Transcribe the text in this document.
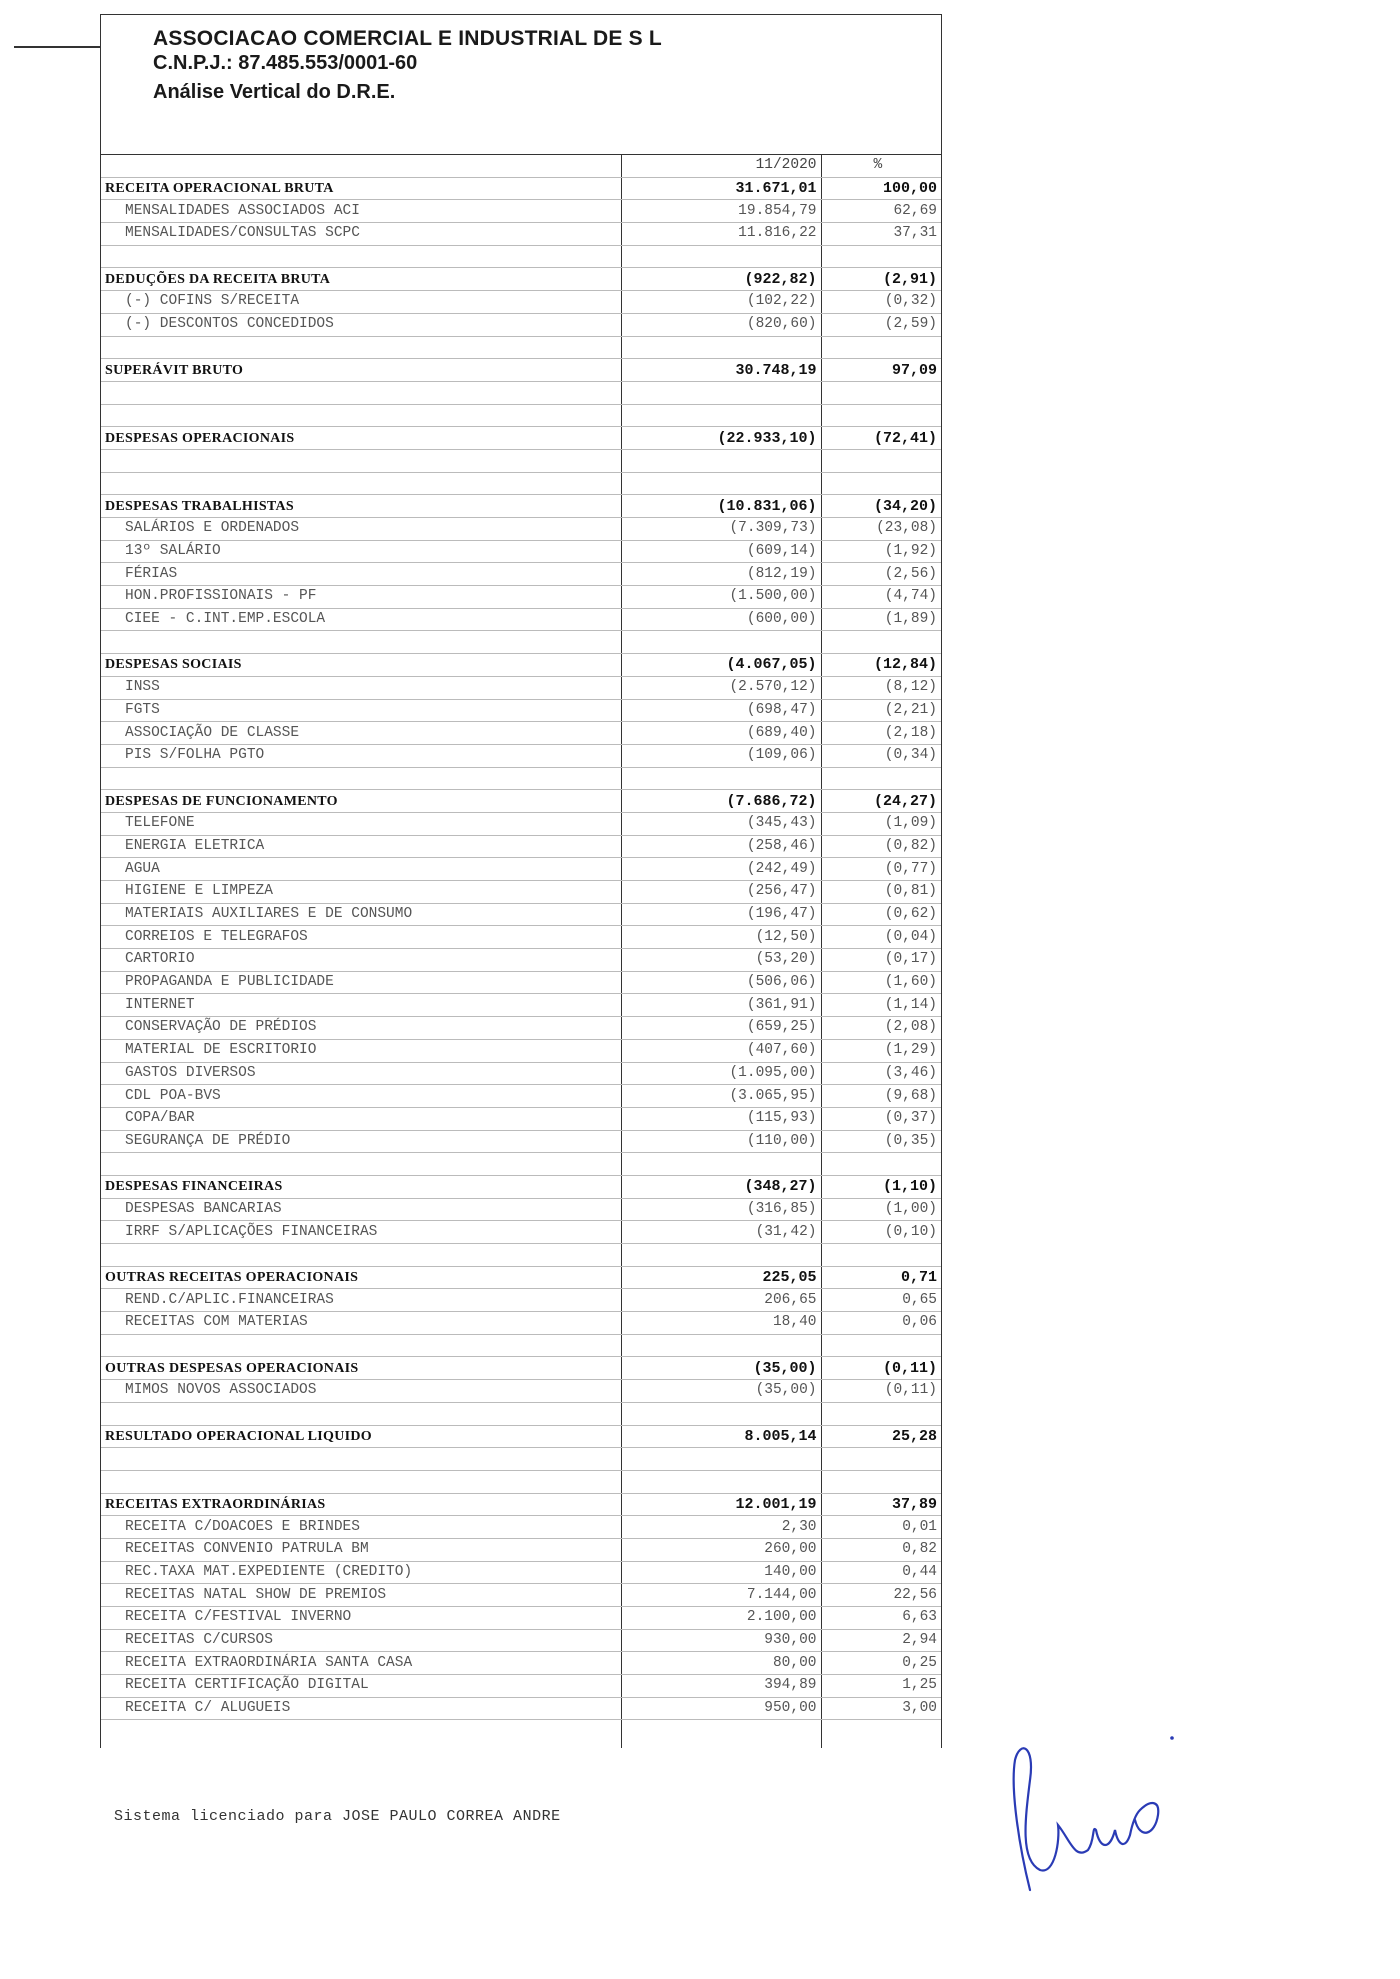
ASSOCIACAO COMERCIAL E INDUSTRIAL DE S L
C.N.P.J.: 87.485.553/0001-60
Análise Vertical do D.R.E.
	11/2020	%
RECEITA OPERACIONAL BRUTA	31.671,01	100,00
MENSALIDADES ASSOCIADOS ACI	19.854,79	62,69
MENSALIDADES/CONSULTAS SCPC	11.816,22	37,31

DEDUÇÕES DA RECEITA BRUTA	(922,82)	(2,91)
(-) COFINS S/RECEITA	(102,22)	(0,32)
(-) DESCONTOS CONCEDIDOS	(820,60)	(2,59)

SUPERÁVIT BRUTO	30.748,19	97,09

DESPESAS OPERACIONAIS	(22.933,10)	(72,41)

DESPESAS TRABALHISTAS	(10.831,06)	(34,20)
SALÁRIOS E ORDENADOS	(7.309,73)	(23,08)
13º SALÁRIO	(609,14)	(1,92)
FÉRIAS	(812,19)	(2,56)
HON.PROFISSIONAIS - PF	(1.500,00)	(4,74)
CIEE - C.INT.EMP.ESCOLA	(600,00)	(1,89)

DESPESAS SOCIAIS	(4.067,05)	(12,84)
INSS	(2.570,12)	(8,12)
FGTS	(698,47)	(2,21)
ASSOCIAÇÃO DE CLASSE	(689,40)	(2,18)
PIS S/FOLHA PGTO	(109,06)	(0,34)

DESPESAS DE FUNCIONAMENTO	(7.686,72)	(24,27)
TELEFONE	(345,43)	(1,09)
ENERGIA ELETRICA	(258,46)	(0,82)
AGUA	(242,49)	(0,77)
HIGIENE E LIMPEZA	(256,47)	(0,81)
MATERIAIS AUXILIARES E DE CONSUMO	(196,47)	(0,62)
CORREIOS E TELEGRAFOS	(12,50)	(0,04)
CARTORIO	(53,20)	(0,17)
PROPAGANDA E PUBLICIDADE	(506,06)	(1,60)
INTERNET	(361,91)	(1,14)
CONSERVAÇÃO DE PRÉDIOS	(659,25)	(2,08)
MATERIAL DE ESCRITORIO	(407,60)	(1,29)
GASTOS DIVERSOS	(1.095,00)	(3,46)
CDL POA-BVS	(3.065,95)	(9,68)
COPA/BAR	(115,93)	(0,37)
SEGURANÇA DE PRÉDIO	(110,00)	(0,35)

DESPESAS FINANCEIRAS	(348,27)	(1,10)
DESPESAS BANCARIAS	(316,85)	(1,00)
IRRF S/APLICAÇÕES FINANCEIRAS	(31,42)	(0,10)

OUTRAS RECEITAS OPERACIONAIS	225,05	0,71
REND.C/APLIC.FINANCEIRAS	206,65	0,65
RECEITAS COM MATERIAS	18,40	0,06

OUTRAS DESPESAS OPERACIONAIS	(35,00)	(0,11)
MIMOS NOVOS ASSOCIADOS	(35,00)	(0,11)

RESULTADO OPERACIONAL LIQUIDO	8.005,14	25,28

RECEITAS EXTRAORDINÁRIAS	12.001,19	37,89
RECEITA C/DOACOES E BRINDES	2,30	0,01
RECEITAS CONVENIO PATRULA BM	260,00	0,82
REC.TAXA MAT.EXPEDIENTE (CREDITO)	140,00	0,44
RECEITAS NATAL SHOW DE PREMIOS	7.144,00	22,56
RECEITA C/FESTIVAL INVERNO	2.100,00	6,63
RECEITAS C/CURSOS	930,00	2,94
RECEITA EXTRAORDINÁRIA SANTA CASA	80,00	0,25
RECEITA CERTIFICAÇÃO DIGITAL	394,89	1,25
RECEITA C/ ALUGUEIS	950,00	3,00

Sistema licenciado para JOSE PAULO CORREA ANDRE
